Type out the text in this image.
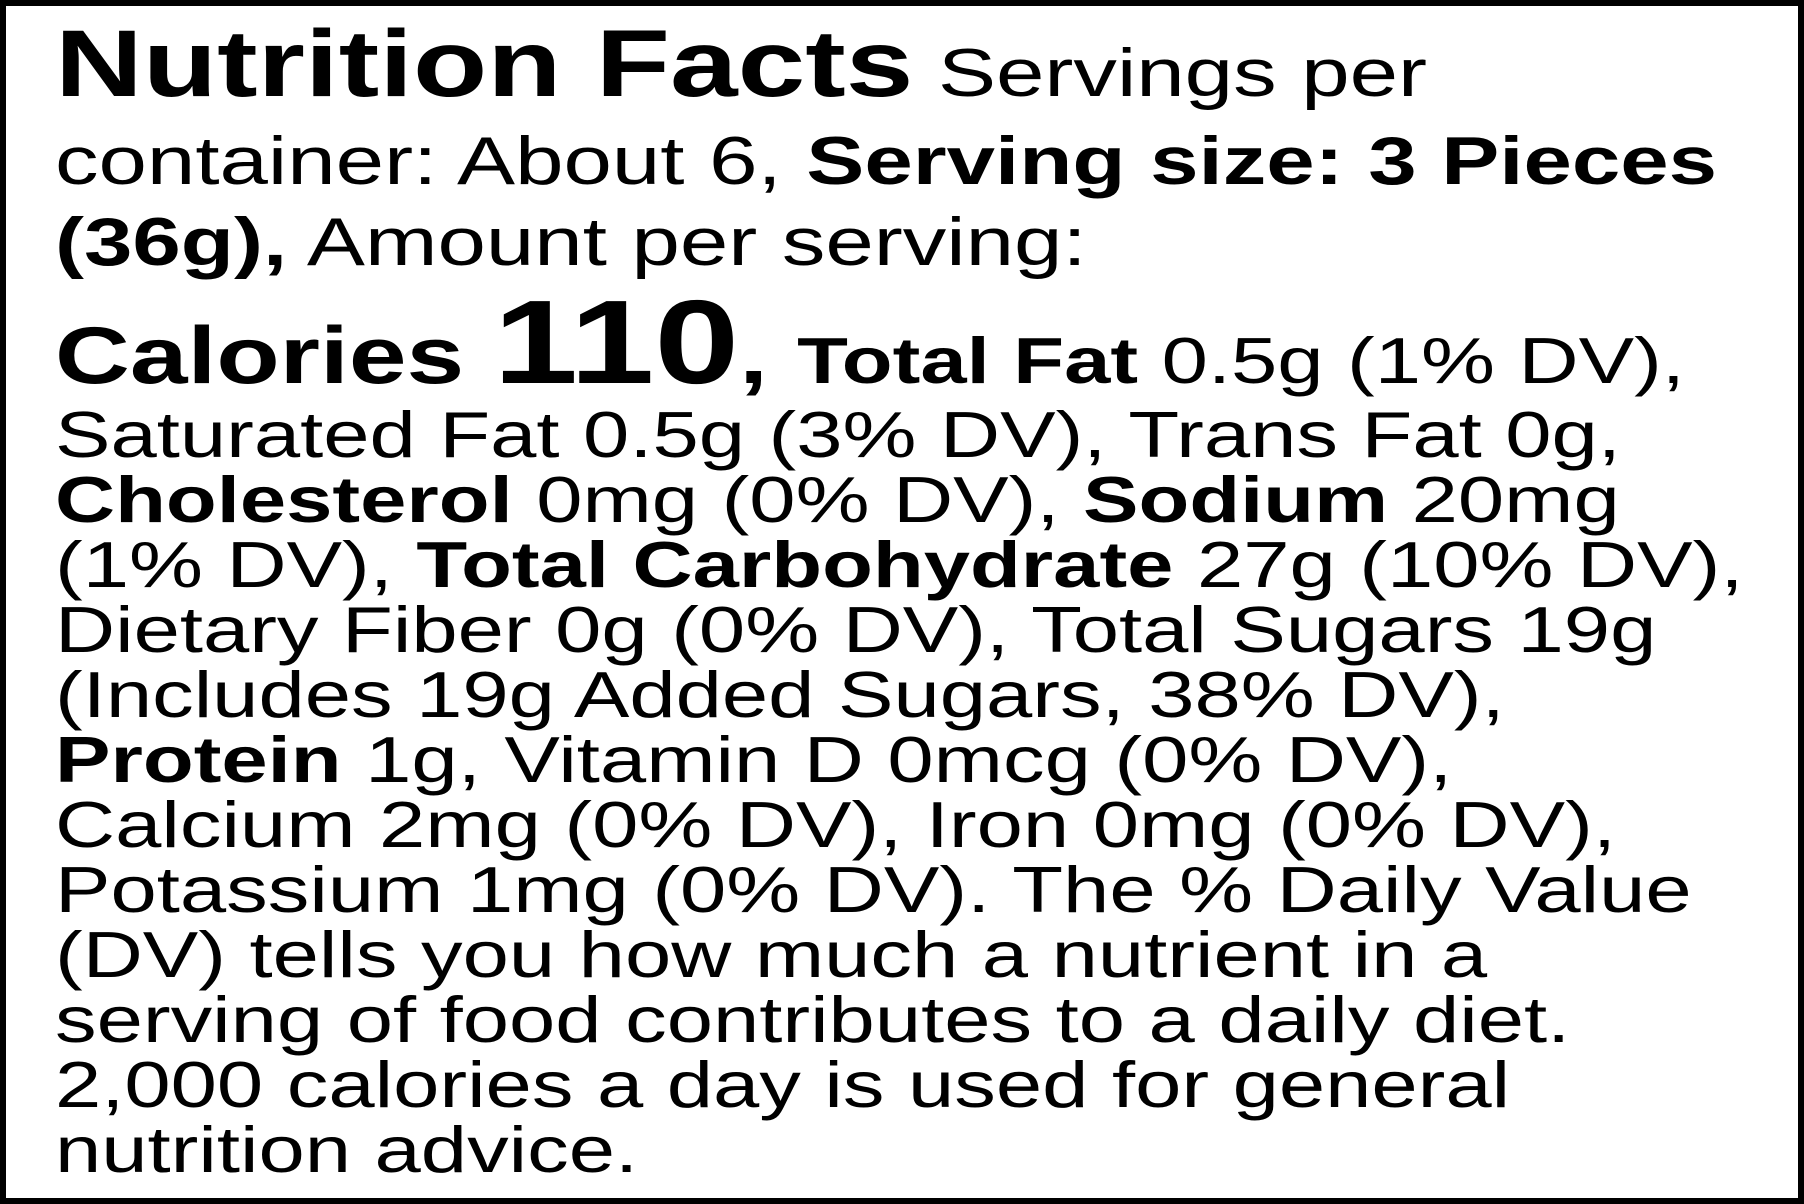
Nutrition Facts Servings per container: About 6, Serving size: 3 Pieces (36g), Amount per serving:

Calories 110, Total Fat 0.5g (1% DV), Saturated Fat 0.5g (3% DV), Trans Fat 0g, Cholesterol 0mg (0% DV), Sodium 20mg (1% DV), Total Carbohydrate 27g (10% DV), Dietary Fiber 0g (0% DV), Total Sugars 19g (Includes 19g Added Sugars, 38% DV), Protein 1g, Vitamin D 0mcg (0% DV), Calcium 2mg (0% DV), Iron 0mg (0% DV), Potassium 1mg (0% DV). The % Daily Value (DV) tells you how much a nutrient in a serving of food contributes to a daily diet. 2,000 calories a day is used for general nutrition advice.
